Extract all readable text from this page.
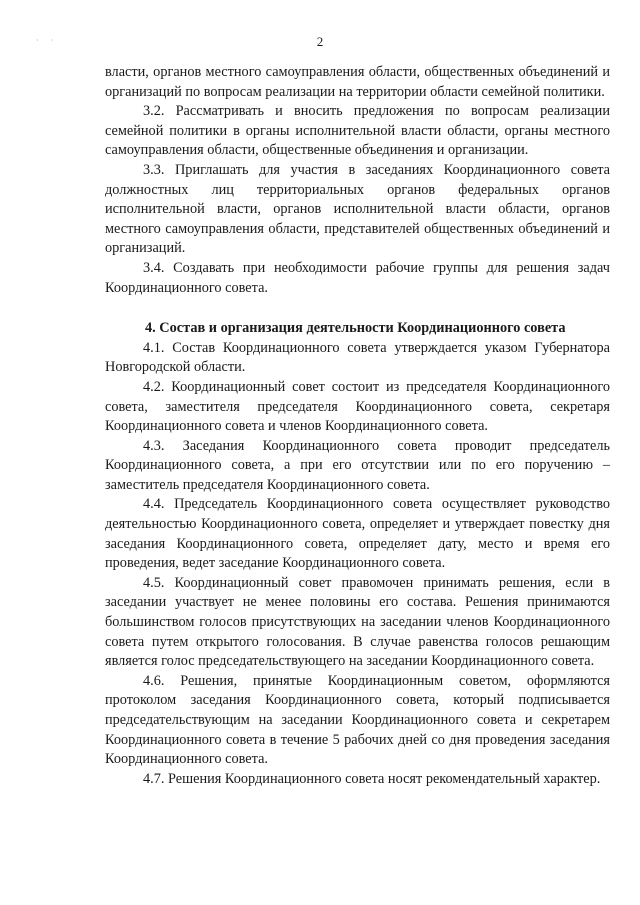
· ·	2

власти, органов местного самоуправления области, общественных объединений и организаций по вопросам реализации на территории области семейной политики.

3.2. Рассматривать и вносить предложения по вопросам реализации семейной политики в органы исполнительной власти области, органы местного самоуправления области, общественные объединения и организации.

3.3. Приглашать для участия в заседаниях Координационного совета должностных лиц территориальных органов федеральных органов исполнительной власти, органов исполнительной власти области, органов местного самоуправления области, представителей общественных объединений и организаций.

3.4. Создавать при необходимости рабочие группы для решения задач Координационного совета.

4. Состав и организация деятельности Координационного совета

4.1. Состав Координационного совета утверждается указом Губернатора Новгородской области.

4.2. Координационный совет состоит из председателя Координационного совета, заместителя председателя Координационного совета, секретаря Координационного совета и членов Координационного совета.

4.3. Заседания Координационного совета проводит председатель Координационного совета, а при его отсутствии или по его поручению – заместитель председателя Координационного совета.

4.4. Председатель Координационного совета осуществляет руководство деятельностью Координационного совета, определяет и утверждает повестку дня заседания Координационного совета, определяет дату, место и время его проведения, ведет заседание Координационного совета.

4.5. Координационный совет правомочен принимать решения, если в заседании участвует не менее половины его состава. Решения принимаются большинством голосов присутствующих на заседании членов Координационного совета путем открытого голосования. В случае равенства голосов решающим является голос председательствующего на заседании Координационного совета.

4.6. Решения, принятые Координационным советом, оформляются протоколом заседания Координационного совета, который подписывается председательствующим на заседании Координационного совета и секретарем Координационного совета в течение 5 рабочих дней со дня проведения заседания Координационного совета.

4.7. Решения Координационного совета носят рекомендательный характер.
